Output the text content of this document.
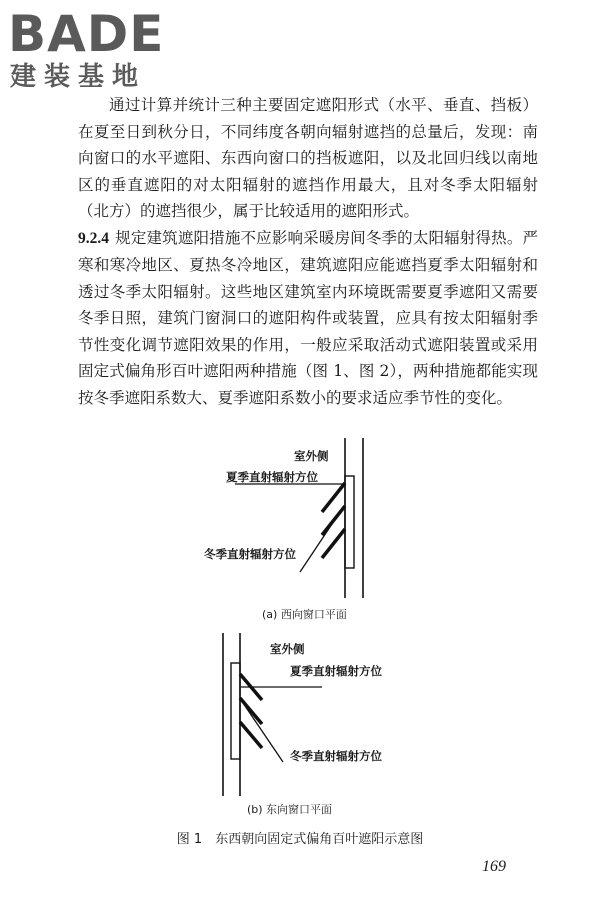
BADE

建装基地

通过计算并统计三种主要固定遮阳形式（水平、垂直、挡板）在夏至日到秋分日，不同纬度各朝向辐射遮挡的总量后，发现：南向窗口的水平遮阳、东西向窗口的挡板遮阳，以及北回归线以南地区的垂直遮阳的对太阳辐射的遮挡作用最大，且对冬季太阳辐射（北方）的遮挡很少，属于比较适用的遮阳形式。

9.2.4 规定建筑遮阳措施不应影响采暖房间冬季的太阳辐射得热。严寒和寒冷地区、夏热冬冷地区，建筑遮阳应能遮挡夏季太阳辐射和透过冬季太阳辐射。这些地区建筑室内环境既需要夏季遮阳又需要冬季日照，建筑门窗洞口的遮阳构件或装置，应具有按太阳辐射季节性变化调节遮阳效果的作用，一般应采取活动式遮阳装置或采用固定式偏角形百叶遮阳两种措施（图 1、图 2），两种措施都能实现按冬季遮阳系数大、夏季遮阳系数小的要求适应季节性的变化。

室外侧

夏季直射辐射方位

冬季直射辐射方位

(a) 西向窗口平面

室外侧

夏季直射辐射方位

冬季直射辐射方位

(b) 东向窗口平面

图 1　东西朝向固定式偏角百叶遮阳示意图

169
